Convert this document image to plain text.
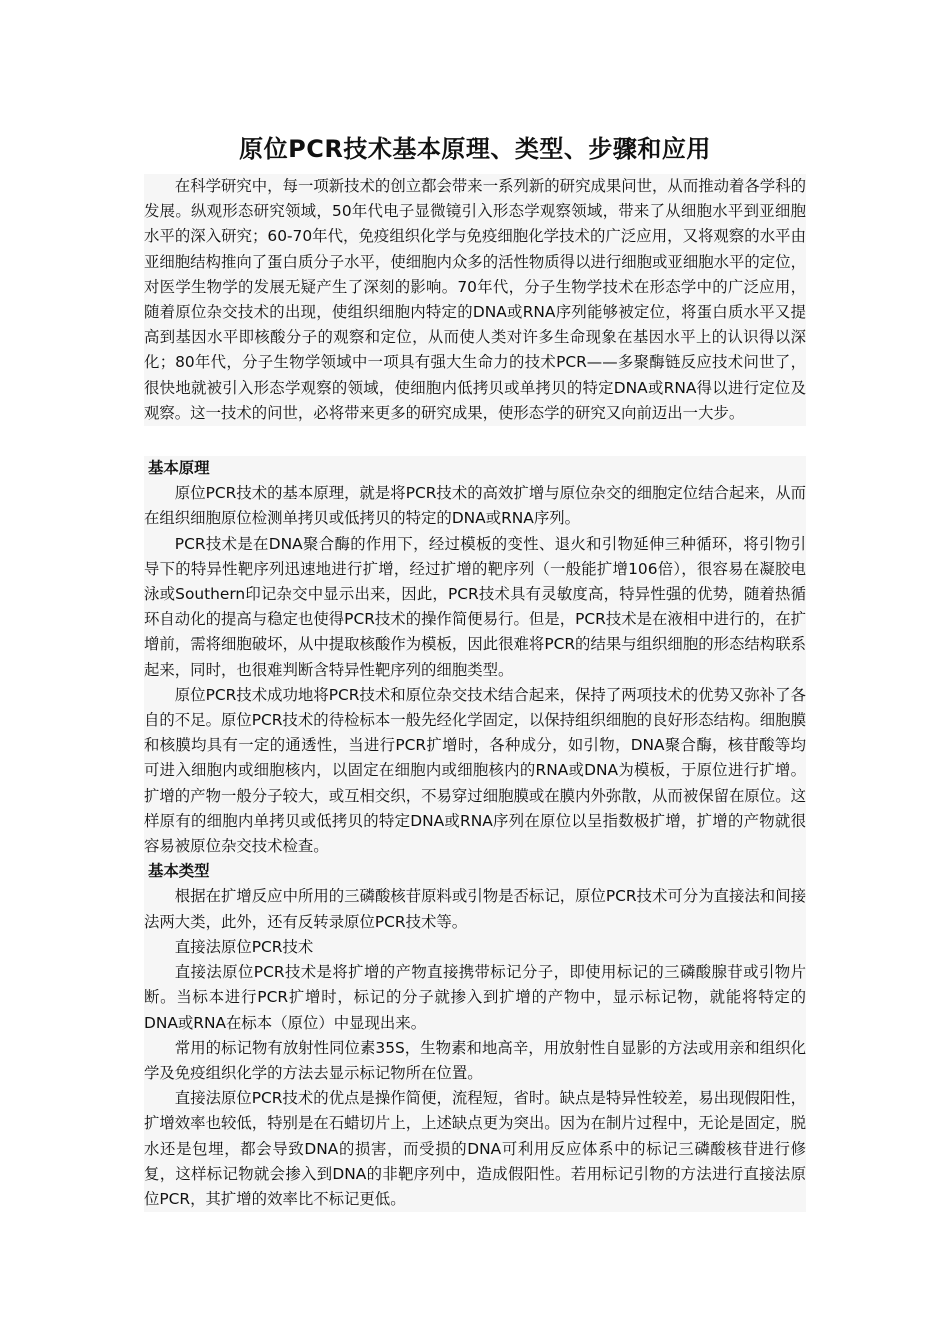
原位PCR技术基本原理、类型、步骤和应用

在科学研究中，每一项新技术的创立都会带来一系列新的研究成果问世，从而推动着各学科的发展。纵观形态研究领域，50年代电子显微镜引入形态学观察领域，带来了从细胞水平到亚细胞水平的深入研究；60-70年代，免疫组织化学与免疫细胞化学技术的广泛应用，又将观察的水平由亚细胞结构推向了蛋白质分子水平，使细胞内众多的活性物质得以进行细胞或亚细胞水平的定位，对医学生物学的发展无疑产生了深刻的影响。70年代，分子生物学技术在形态学中的广泛应用，随着原位杂交技术的出现，使组织细胞内特定的DNA或RNA序列能够被定位，将蛋白质水平又提高到基因水平即核酸分子的观察和定位，从而使人类对许多生命现象在基因水平上的认识得以深化；80年代，分子生物学领域中一项具有强大生命力的技术PCR——多聚酶链反应技术问世了，很快地就被引入形态学观察的领域，使细胞内低拷贝或单拷贝的特定DNA或RNA得以进行定位及观察。这一技术的问世，必将带来更多的研究成果，使形态学的研究又向前迈出一大步。

基本原理

原位PCR技术的基本原理，就是将PCR技术的高效扩增与原位杂交的细胞定位结合起来，从而在组织细胞原位检测单拷贝或低拷贝的特定的DNA或RNA序列。

PCR技术是在DNA聚合酶的作用下，经过模板的变性、退火和引物延伸三种循环，将引物引导下的特异性靶序列迅速地进行扩增，经过扩增的靶序列（一般能扩增106倍），很容易在凝胶电泳或Southern印记杂交中显示出来，因此，PCR技术具有灵敏度高，特异性强的优势，随着热循环自动化的提高与稳定也使得PCR技术的操作简便易行。但是，PCR技术是在液相中进行的，在扩增前，需将细胞破坏，从中提取核酸作为模板，因此很难将PCR的结果与组织细胞的形态结构联系起来，同时，也很难判断含特异性靶序列的细胞类型。

原位PCR技术成功地将PCR技术和原位杂交技术结合起来，保持了两项技术的优势又弥补了各自的不足。原位PCR技术的待检标本一般先经化学固定，以保持组织细胞的良好形态结构。细胞膜和核膜均具有一定的通透性，当进行PCR扩增时，各种成分，如引物，DNA聚合酶，核苷酸等均可进入细胞内或细胞核内，以固定在细胞内或细胞核内的RNA或DNA为模板，于原位进行扩增。扩增的产物一般分子较大，或互相交织，不易穿过细胞膜或在膜内外弥散，从而被保留在原位。这样原有的细胞内单拷贝或低拷贝的特定DNA或RNA序列在原位以呈指数极扩增，扩增的产物就很容易被原位杂交技术检查。

基本类型

根据在扩增反应中所用的三磷酸核苷原料或引物是否标记，原位PCR技术可分为直接法和间接法两大类，此外，还有反转录原位PCR技术等。

直接法原位PCR技术

直接法原位PCR技术是将扩增的产物直接携带标记分子，即使用标记的三磷酸腺苷或引物片断。当标本进行PCR扩增时，标记的分子就掺入到扩增的产物中，显示标记物，就能将特定的DNA或RNA在标本（原位）中显现出来。

常用的标记物有放射性同位素35S，生物素和地高辛，用放射性自显影的方法或用亲和组织化学及免疫组织化学的方法去显示标记物所在位置。

直接法原位PCR技术的优点是操作简便，流程短，省时。缺点是特异性较差，易出现假阳性，扩增效率也较低，特别是在石蜡切片上，上述缺点更为突出。因为在制片过程中，无论是固定，脱水还是包埋，都会导致DNA的损害，而受损的DNA可利用反应体系中的标记三磷酸核苷进行修复，这样标记物就会掺入到DNA的非靶序列中，造成假阳性。若用标记引物的方法进行直接法原位PCR，其扩增的效率比不标记更低。
